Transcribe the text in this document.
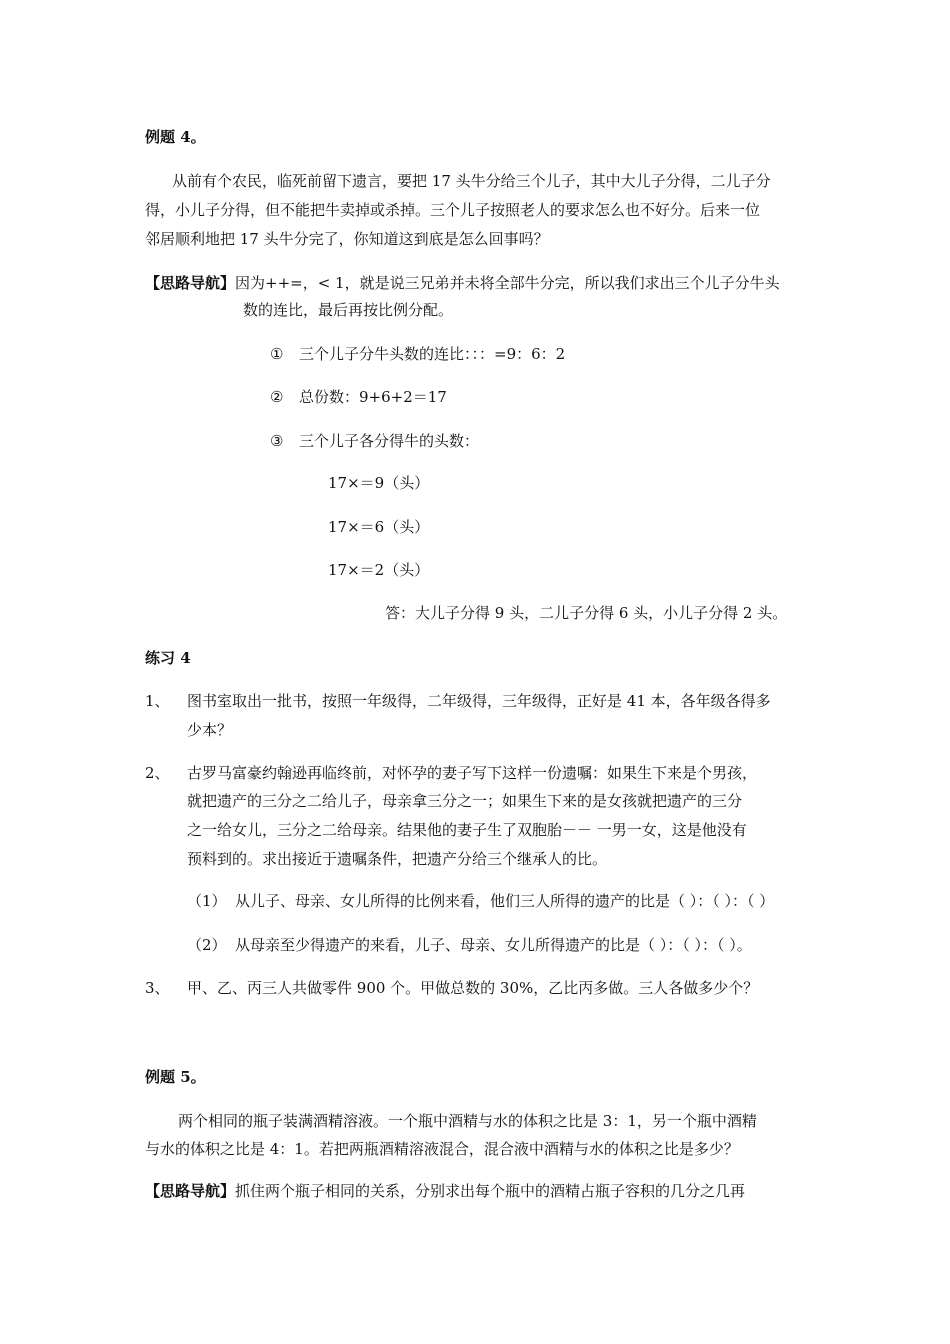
例题 4。
从前有个农民，临死前留下遗言，要把 17 头牛分给三个儿子，其中大儿子分得，二儿子分
得，小儿子分得，但不能把牛卖掉或杀掉。三个儿子按照老人的要求怎么也不好分。后来一位
邻居顺利地把 17 头牛分完了，你知道这到底是怎么回事吗？
【思路导航】因为++=，< 1，就是说三兄弟并未将全部牛分完，所以我们求出三个儿子分牛头
数的连比，最后再按比例分配。
① 三个儿子分牛头数的连比：：：=9：6：2
② 总份数：9+6+2＝17
③ 三个儿子各分得牛的头数：
17×＝9（头）
17×＝6（头）
17×＝2（头）
答：大儿子分得 9 头，二儿子分得 6 头，小儿子分得 2 头。
练习 4
1、 图书室取出一批书，按照一年级得，二年级得，三年级得，正好是 41 本，各年级各得多
少本？
2、 古罗马富豪约翰逊再临终前，对怀孕的妻子写下这样一份遗嘱：如果生下来是个男孩，
就把遗产的三分之二给儿子，母亲拿三分之一；如果生下来的是女孩就把遗产的三分
之一给女儿，三分之二给母亲。结果他的妻子生了双胞胎－－ 一男一女，这是他没有
预料到的。求出接近于遗嘱条件，把遗产分给三个继承人的比。
（1） 从儿子、母亲、女儿所得的比例来看，他们三人所得的遗产的比是（ ）：（ ）：（ ）
（2） 从母亲至少得遗产的来看，儿子、母亲、女儿所得遗产的比是（ ）：（ ）：（ ）。
3、 甲、乙、丙三人共做零件 900 个。甲做总数的 30%，乙比丙多做。三人各做多少个？
例题 5。
两个相同的瓶子装满酒精溶液。一个瓶中酒精与水的体积之比是 3：1，另一个瓶中酒精
与水的体积之比是 4：1。若把两瓶酒精溶液混合，混合液中酒精与水的体积之比是多少？
【思路导航】抓住两个瓶子相同的关系，分别求出每个瓶中的酒精占瓶子容积的几分之几再
